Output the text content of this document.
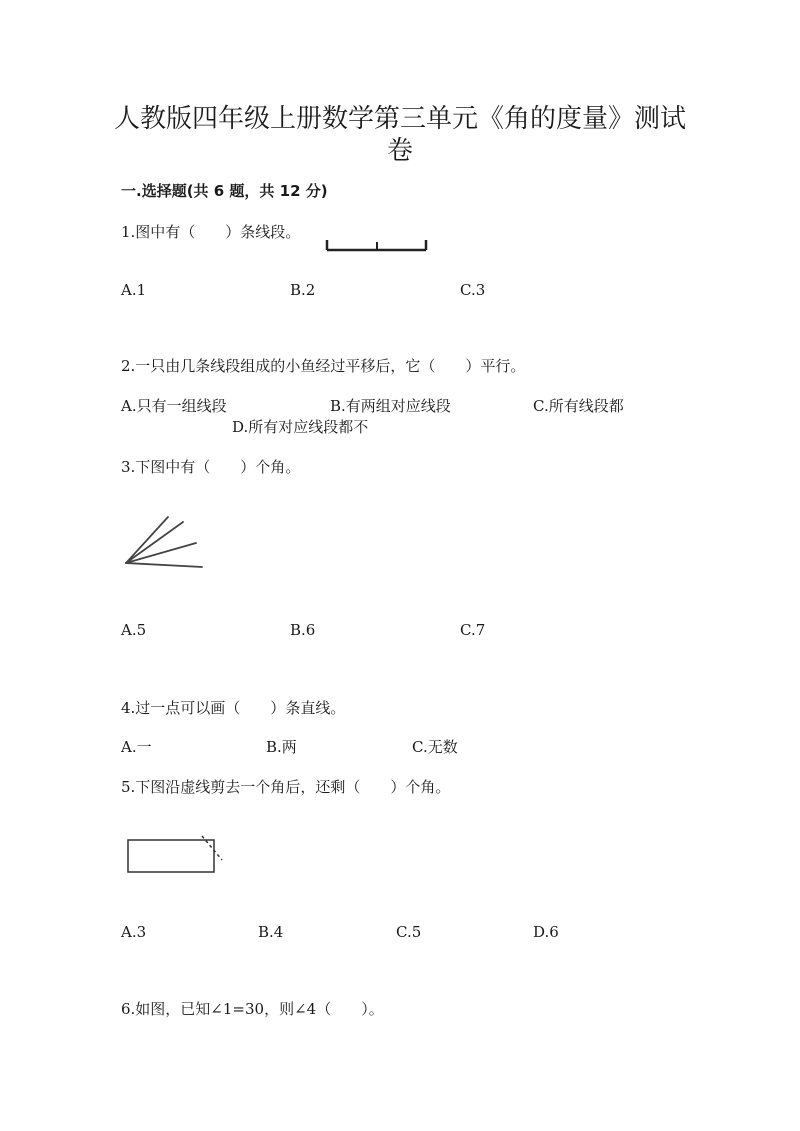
人教版四年级上册数学第三单元《角的度量》测试
卷
一.选择题(共 6 题，共 12 分)
1.图中有（　　）条线段。
A.1	B.2	C.3
2.一只由几条线段组成的小鱼经过平移后，它（　　）平行。
A.只有一组线段	B.有两组对应线段	C.所有线段都
D.所有对应线段都不
3.下图中有（　　）个角。
A.5	B.6	C.7
4.过一点可以画（　　）条直线。
A.一	B.两	C.无数
5.下图沿虚线剪去一个角后，还剩（　　）个角。
A.3	B.4	C.5	D.6
6.如图，已知∠1=30，则∠4（　　）。
